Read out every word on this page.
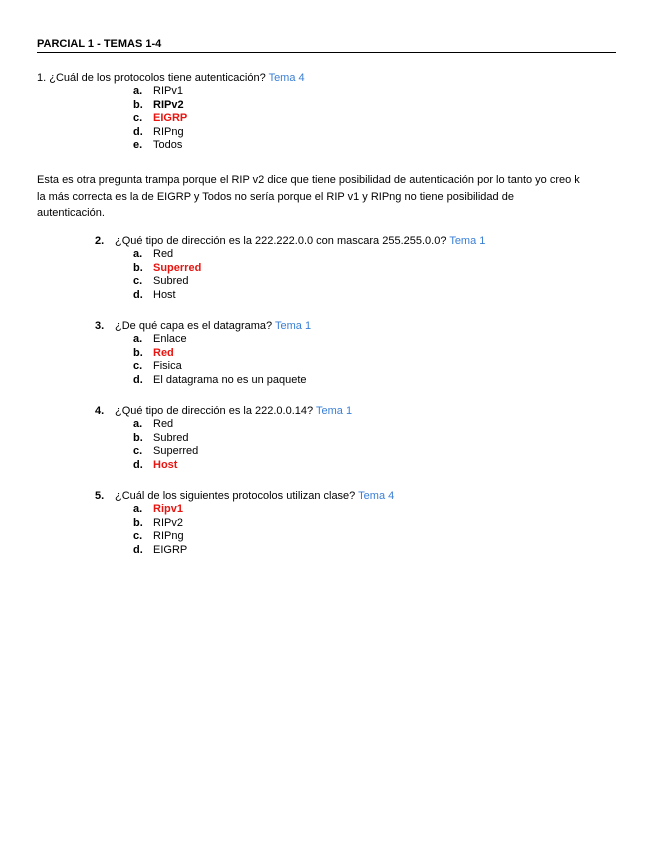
PARCIAL 1 - TEMAS 1-4
1. ¿Cuál de los protocolos tiene autenticación? Tema 4
a. RIPv1
b. RIPv2
c. EIGRP
d. RIPng
e. Todos
Esta es otra pregunta trampa porque el RIP v2 dice que tiene posibilidad de autenticación por lo tanto yo creo k
la más correcta es la de EIGRP y Todos no sería porque el RIP v1 y RIPng no tiene posibilidad de
autenticación.
2. ¿Qué tipo de dirección es la 222.222.0.0 con mascara 255.255.0.0? Tema 1
a. Red
b. Superred
c. Subred
d. Host
3. ¿De qué capa es el datagrama? Tema 1
a. Enlace
b. Red
c. Fisica
d. El datagrama no es un paquete
4. ¿Qué tipo de dirección es la 222.0.0.14? Tema 1
a. Red
b. Subred
c. Superred
d. Host
5. ¿Cuál de los siguientes protocolos utilizan clase? Tema 4
a. Ripv1
b. RIPv2
c. RIPng
d. EIGRP
